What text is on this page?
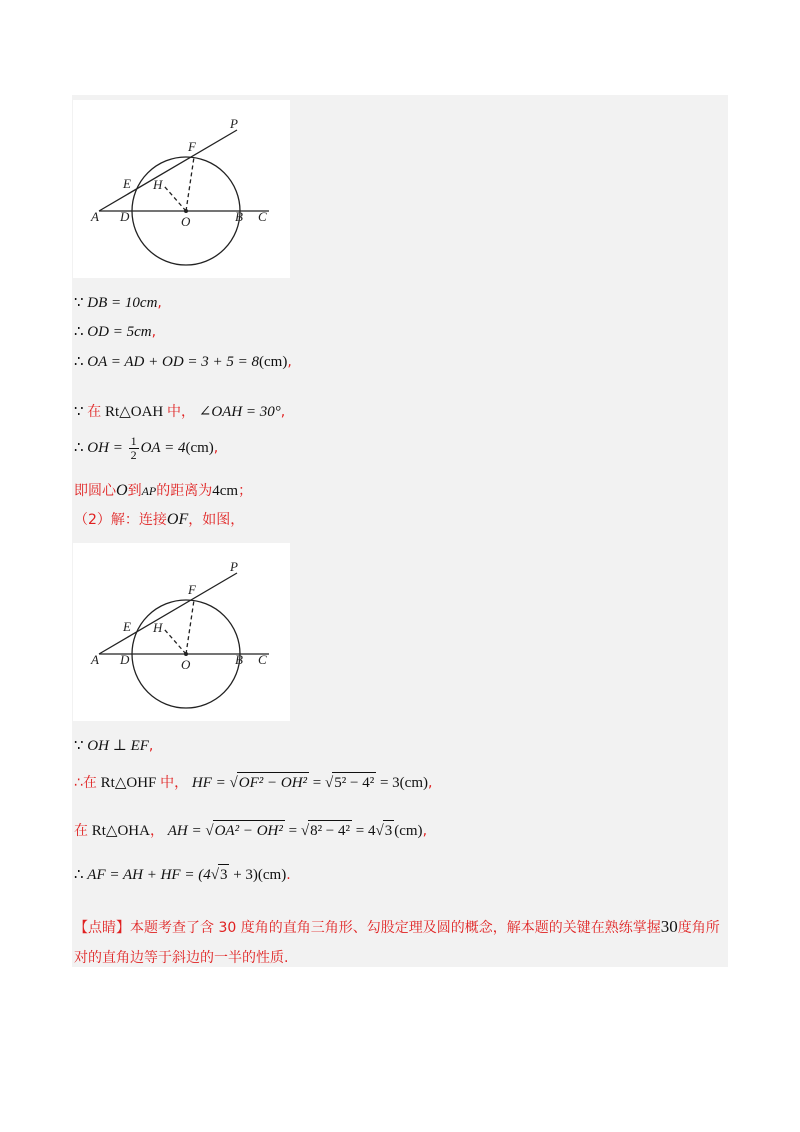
P
F
E H
A D	O	B C
∵ DB = 10cm,
∴ OD = 5cm,
∴ OA = AD + OD = 3 + 5 = 8(cm),
∵ 在 Rt△OAH 中， ∠OAH = 30°,
∴ OH = $\frac{1}{2}$ OA = 4(cm),
即圆心O到AP的距离为4cm；
（2）解：连接OF，如图，
P
F
E H
A D	O	B C
∵ OH ⊥ EF,
∴在 Rt△OHF 中， HF = √OF² − OH² = √5² − 4² = 3(cm),
在 Rt△OHA， AH = √OA² − OH² = √8² − 4² = 4√3 (cm),
∴ AF = AH + HF = (4√3 + 3)(cm).
【点睛】本题考查了含 30 度角的直角三角形、勾股定理及圆的概念，解本题的关键在熟练掌握30度角所对的直角边等于斜边的一半的性质.
